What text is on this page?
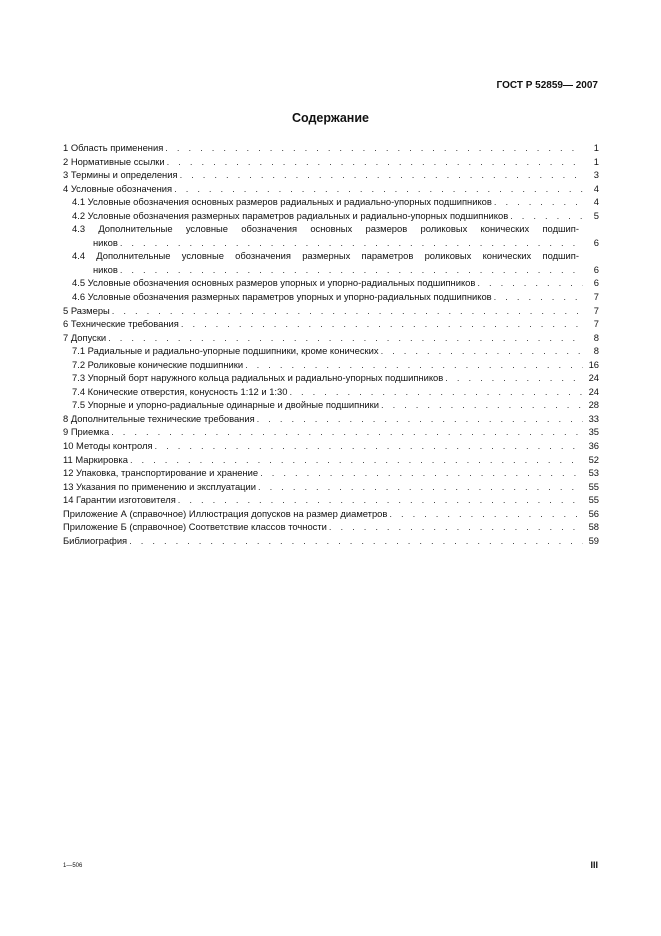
ГОСТ Р 52859— 2007
Содержание
1 Область применения . . .	1
2 Нормативные ссылки . . .	1
3 Термины и определения . . .	3
4 Условные обозначения . . .	4
4.1 Условные обозначения основных размеров радиальных и радиально-упорных подшипников . . .	4
4.2 Условные обозначения размерных параметров радиальных и радиально-упорных подшипников . . .	5
4.3 Дополнительные условные обозначения основных размеров роликовых конических подшип-
ников . . .	6
4.4 Дополнительные условные обозначения размерных параметров роликовых конических подшип-
ников . . .	6
4.5 Условные обозначения основных размеров упорных и упорно-радиальных подшипников . . .	6
4.6 Условные обозначения размерных параметров упорных и упорно-радиальных подшипников . . .	7
5 Размеры . . .	7
6 Технические требования . . .	7
7 Допуски . . .	8
7.1 Радиальные и радиально-упорные подшипники, кроме конических . . .	8
7.2 Роликовые конические подшипники . . .	16
7.3 Упорный борт наружного кольца радиальных и радиально-упорных подшипников . . .	24
7.4 Конические отверстия, конусность 1:12 и 1:30 . . .	24
7.5 Упорные и упорно-радиальные одинарные и двойные подшипники . . .	28
8 Дополнительные технические требования . . .	33
9 Приемка . . .	35
10 Методы контроля . . .	36
11 Маркировка . . .	52
12 Упаковка, транспортирование и хранение . . .	53
13 Указания по применению и эксплуатации . . .	55
14 Гарантии изготовителя . . .	55
Приложение А (справочное) Иллюстрация допусков на размер диаметров . . .	56
Приложение Б (справочное) Соответствие классов точности . . .	58
Библиография . . .	59
1—506	III
